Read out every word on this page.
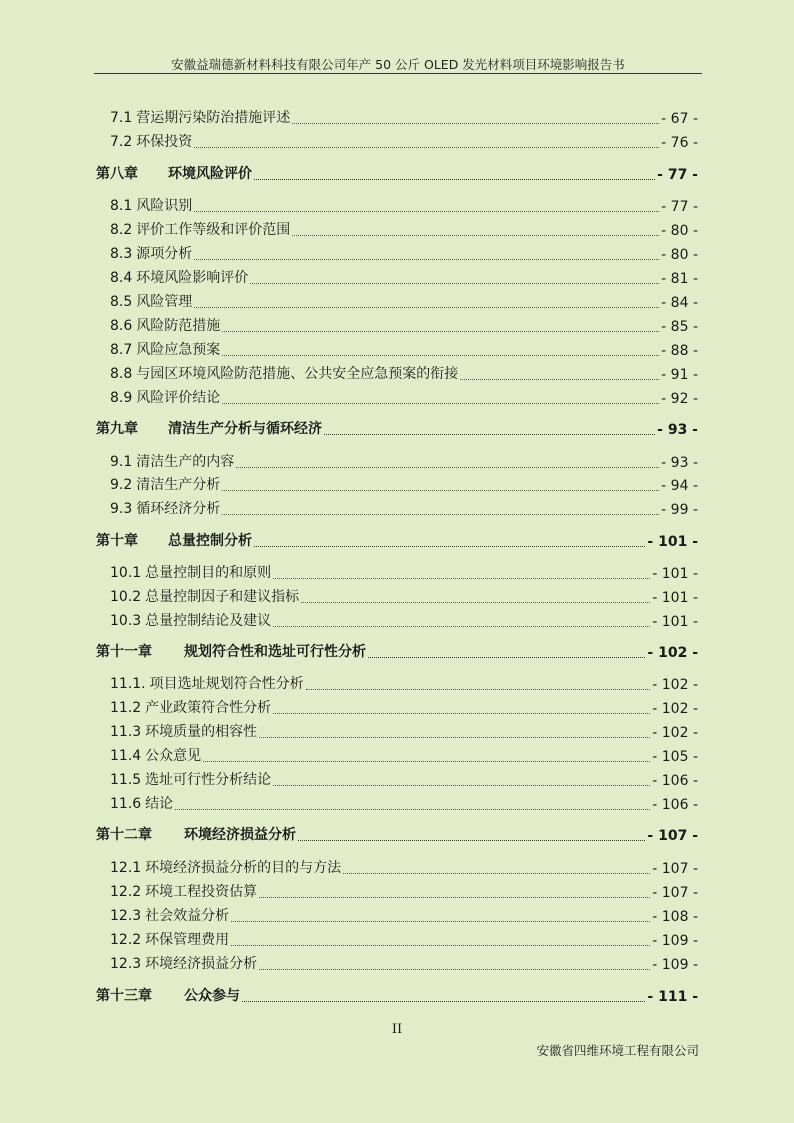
安徽益瑞德新材料科技有限公司年产 50 公斤 OLED 发光材料项目环境影响报告书
7.1 营运期污染防治措施评述	- 67 -
7.2 环保投资	- 76 -
第八章 环境风险评价	- 77 -
8.1 风险识别	- 77 -
8.2 评价工作等级和评价范围	- 80 -
8.3 源项分析	- 80 -
8.4 环境风险影响评价	- 81 -
8.5 风险管理	- 84 -
8.6 风险防范措施	- 85 -
8.7 风险应急预案	- 88 -
8.8 与园区环境风险防范措施、公共安全应急预案的衔接	- 91 -
8.9 风险评价结论	- 92 -
第九章 清洁生产分析与循环经济	- 93 -
9.1 清洁生产的内容	- 93 -
9.2 清洁生产分析	- 94 -
9.3 循环经济分析	- 99 -
第十章 总量控制分析	- 101 -
10.1 总量控制目的和原则	- 101 -
10.2 总量控制因子和建议指标	- 101 -
10.3 总量控制结论及建议	- 101 -
第十一章 规划符合性和选址可行性分析	- 102 -
11.1. 项目选址规划符合性分析	- 102 -
11.2 产业政策符合性分析	- 102 -
11.3 环境质量的相容性	- 102 -
11.4 公众意见	- 105 -
11.5 选址可行性分析结论	- 106 -
11.6 结论	- 106 -
第十二章 环境经济损益分析	- 107 -
12.1 环境经济损益分析的目的与方法	- 107 -
12.2 环境工程投资估算	- 107 -
12.3 社会效益分析	- 108 -
12.2 环保管理费用	- 109 -
12.3 环境经济损益分析	- 109 -
第十三章 公众参与	- 111 -
II
安徽省四维环境工程有限公司
